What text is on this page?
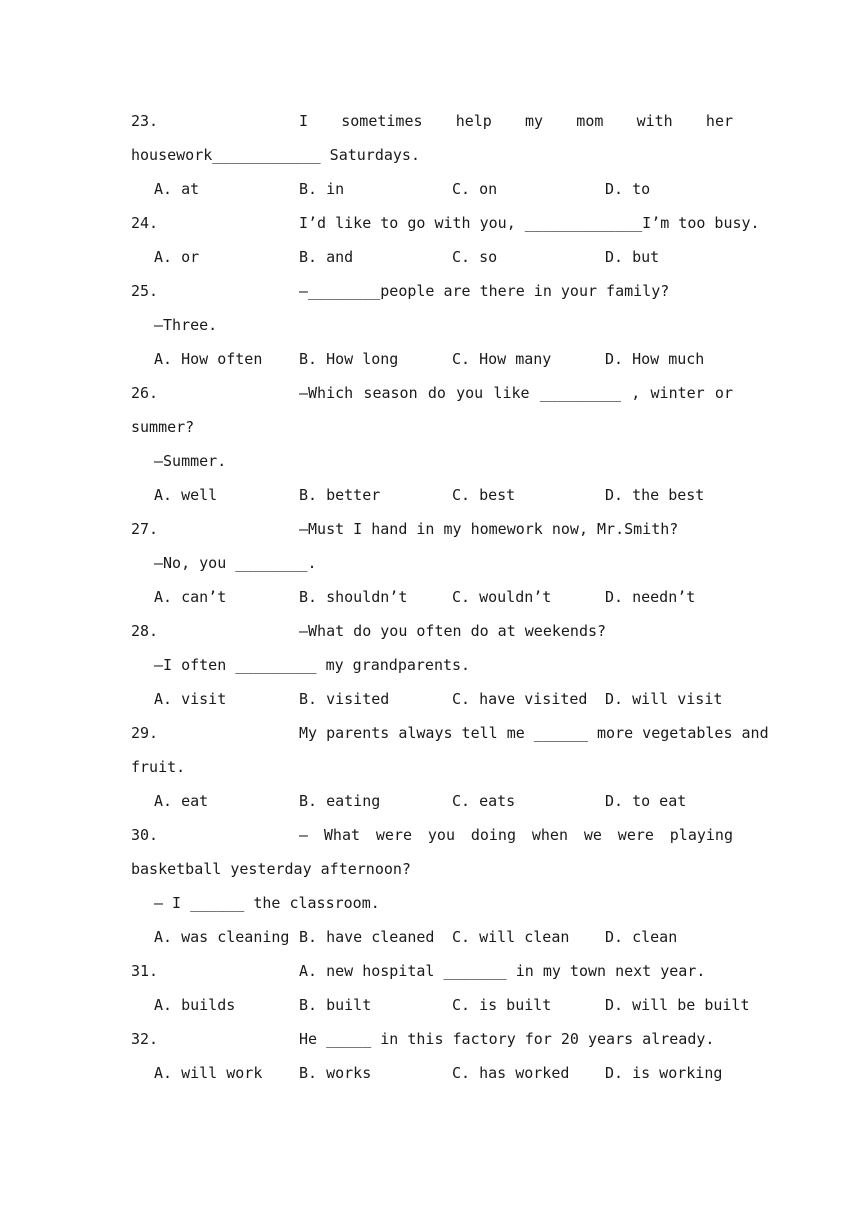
23.	I sometimes help my mom with her
housework____________ Saturdays.
A. at	B. in	C. on	D. to
24.	I’d like to go with you, _____________I’m too busy.
A. or	B. and	C. so	D. but
25.	—________people are there in your family?
—Three.
A. How often B. How long	C. How many	D. How much
26.	—Which season do you like _________ , winter or
summer?
—Summer.
A. well	B. better	C. best	D. the best
27.	—Must I hand in my homework now, Mr.Smith?
—No, you ________.
A. can’t	B. shouldn’t	C. wouldn’t	D. needn’t
28.	—What do you often do at weekends?
—I often _________ my grandparents.
A. visit	B. visited	C. have visited D. will visit
29.	My parents always tell me ______ more vegetables and
fruit.
A. eat	B. eating	C. eats	D. to eat
30.	— What were you doing when we were playing
basketball yesterday afternoon?
— I ______ the classroom.
A. was cleaning B. have cleaned C. will clean D. clean
31.	A. new hospital _______ in my town next year.
A. builds	B. built	C. is built	D. will be built
32.	He _____ in this factory for 20 years already.
A. will work B. works	C. has worked D. is working
